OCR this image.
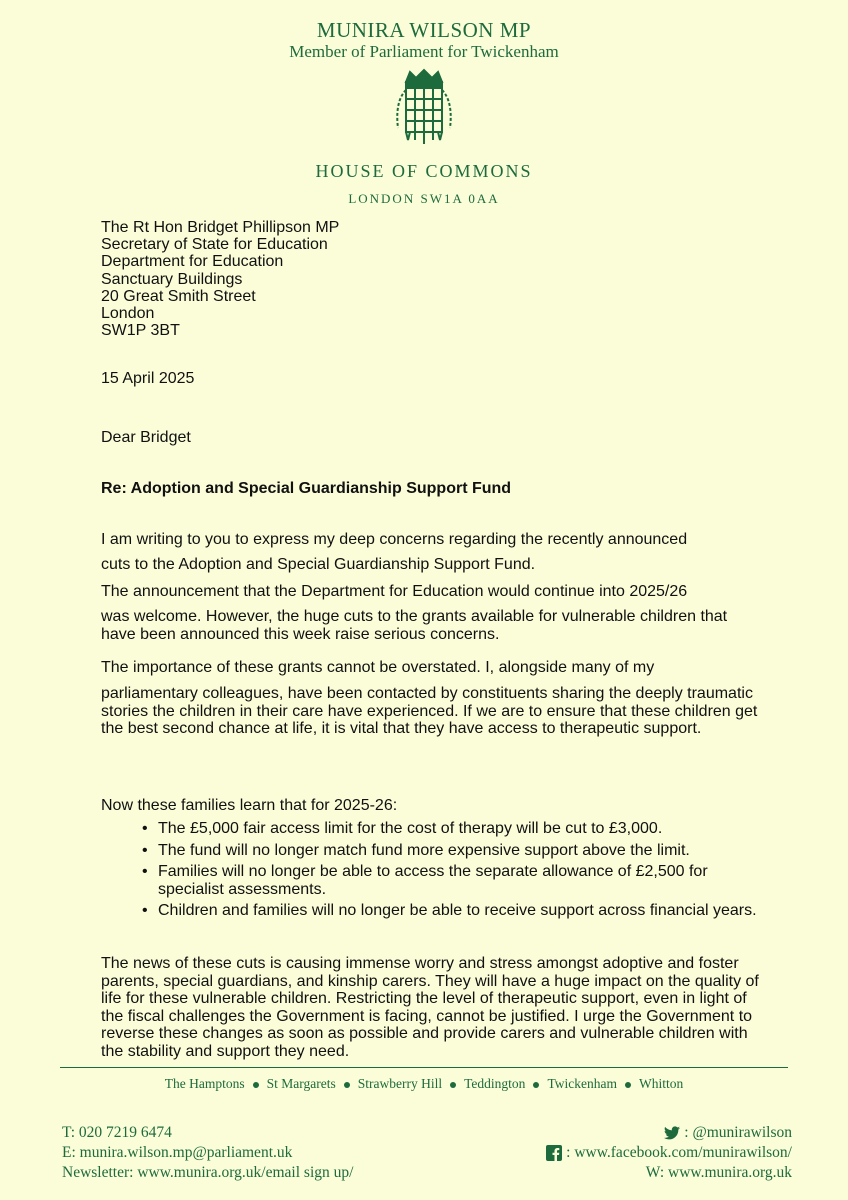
MUNIRA WILSON MP
Member of Parliament for Twickenham
HOUSE OF COMMONS
LONDON SW1A 0AA
The Rt Hon Bridget Phillipson MP
Secretary of State for Education
Department for Education
Sanctuary Buildings
20 Great Smith Street
London
SW1P 3BT
15 April 2025
Dear Bridget
Re: Adoption and Special Guardianship Support Fund
I am writing to you to express my deep concerns regarding the recently announced
cuts to the Adoption and Special Guardianship Support Fund.
The announcement that the Department for Education would continue into 2025/26
was welcome. However, the huge cuts to the grants available for vulnerable children that have been announced this week raise serious concerns.
The importance of these grants cannot be overstated. I, alongside many of my
parliamentary colleagues, have been contacted by constituents sharing the deeply traumatic stories the children in their care have experienced. If we are to ensure that these children get the best second chance at life, it is vital that they have access to therapeutic support.
Now these families learn that for 2025-26:
• The £5,000 fair access limit for the cost of therapy will be cut to £3,000.
• The fund will no longer match fund more expensive support above the limit.
• Families will no longer be able to access the separate allowance of £2,500 for specialist assessments.
• Children and families will no longer be able to receive support across financial years.
The news of these cuts is causing immense worry and stress amongst adoptive and foster parents, special guardians, and kinship carers. They will have a huge impact on the quality of life for these vulnerable children. Restricting the level of therapeutic support, even in light of the fiscal challenges the Government is facing, cannot be justified. I urge the Government to reverse these changes as soon as possible and provide carers and vulnerable children with the stability and support they need.
The Hamptons St Margarets Strawberry Hill Teddington Twickenham Whitton
T: 020 7219 6474
E: munira.wilson.mp@parliament.uk
Newsletter: www.munira.org.uk/email sign up/
: @munirawilson
: www.facebook.com/munirawilson/
W: www.munira.org.uk
